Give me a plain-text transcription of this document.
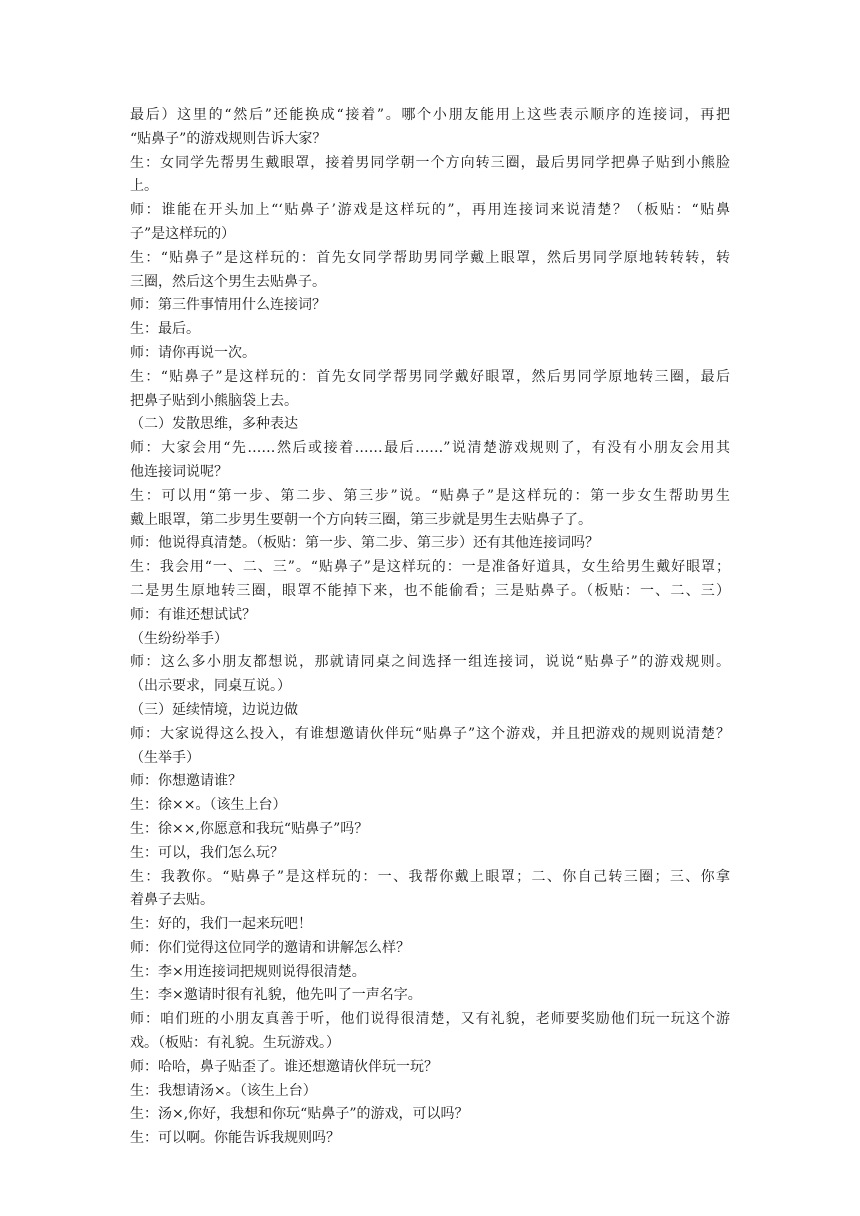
最后）这里的“然后”还能换成“接着”。哪个小朋友能用上这些表示顺序的连接词，再把
“贴鼻子”的游戏规则告诉大家？
生：女同学先帮男生戴眼罩，接着男同学朝一个方向转三圈，最后男同学把鼻子贴到小熊脸
上。
师：谁能在开头加上“‘贴鼻子’游戏是这样玩的”，再用连接词来说清楚？（板贴：“贴鼻
子”是这样玩的）
生：“贴鼻子”是这样玩的：首先女同学帮助男同学戴上眼罩，然后男同学原地转转转，转
三圈，然后这个男生去贴鼻子。
师：第三件事情用什么连接词？
生：最后。
师：请你再说一次。
生：“贴鼻子”是这样玩的：首先女同学帮男同学戴好眼罩，然后男同学原地转三圈，最后
把鼻子贴到小熊脑袋上去。
（二）发散思维，多种表达
师：大家会用“先……然后或接着……最后……”说清楚游戏规则了，有没有小朋友会用其
他连接词说呢？
生：可以用“第一步、第二步、第三步”说。“贴鼻子”是这样玩的：第一步女生帮助男生
戴上眼罩，第二步男生要朝一个方向转三圈，第三步就是男生去贴鼻子了。
师：他说得真清楚。（板贴：第一步、第二步、第三步）还有其他连接词吗？
生：我会用“一、二、三”。“贴鼻子”是这样玩的：一是准备好道具，女生给男生戴好眼罩；
二是男生原地转三圈，眼罩不能掉下来，也不能偷看；三是贴鼻子。（板贴：一、二、三）
师：有谁还想试试？
（生纷纷举手）
师：这么多小朋友都想说，那就请同桌之间选择一组连接词，说说“贴鼻子”的游戏规则。
（出示要求，同桌互说。）
（三）延续情境，边说边做
师：大家说得这么投入，有谁想邀请伙伴玩“贴鼻子”这个游戏，并且把游戏的规则说清楚？
（生举手）
师：你想邀请谁？
生：徐××。（该生上台）
生：徐××,你愿意和我玩“贴鼻子”吗？
生：可以，我们怎么玩？
生：我教你。“贴鼻子”是这样玩的：一、我帮你戴上眼罩；二、你自己转三圈；三、你拿
着鼻子去贴。
生：好的，我们一起来玩吧！
师：你们觉得这位同学的邀请和讲解怎么样？
生：李×用连接词把规则说得很清楚。
生：李×邀请时很有礼貌，他先叫了一声名字。
师：咱们班的小朋友真善于听，他们说得很清楚，又有礼貌，老师要奖励他们玩一玩这个游
戏。（板贴：有礼貌。生玩游戏。）
师：哈哈，鼻子贴歪了。谁还想邀请伙伴玩一玩？
生：我想请汤×。（该生上台）
生：汤×,你好，我想和你玩“贴鼻子”的游戏，可以吗？
生：可以啊。你能告诉我规则吗？
